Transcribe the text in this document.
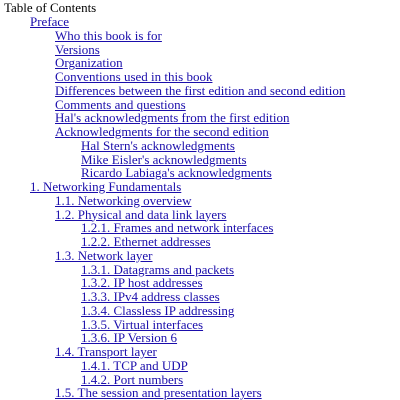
Table of Contents
Preface
Who this book is for
Versions
Organization
Conventions used in this book
Differences between the first edition and second edition
Comments and questions
Hal's acknowledgments from the first edition
Acknowledgments for the second edition
Hal Stern's acknowledgments
Mike Eisler's acknowledgments
Ricardo Labiaga's acknowledgments
1. Networking Fundamentals
1.1. Networking overview
1.2. Physical and data link layers
1.2.1. Frames and network interfaces
1.2.2. Ethernet addresses
1.3. Network layer
1.3.1. Datagrams and packets
1.3.2. IP host addresses
1.3.3. IPv4 address classes
1.3.4. Classless IP addressing
1.3.5. Virtual interfaces
1.3.6. IP Version 6
1.4. Transport layer
1.4.1. TCP and UDP
1.4.2. Port numbers
1.5. The session and presentation layers
